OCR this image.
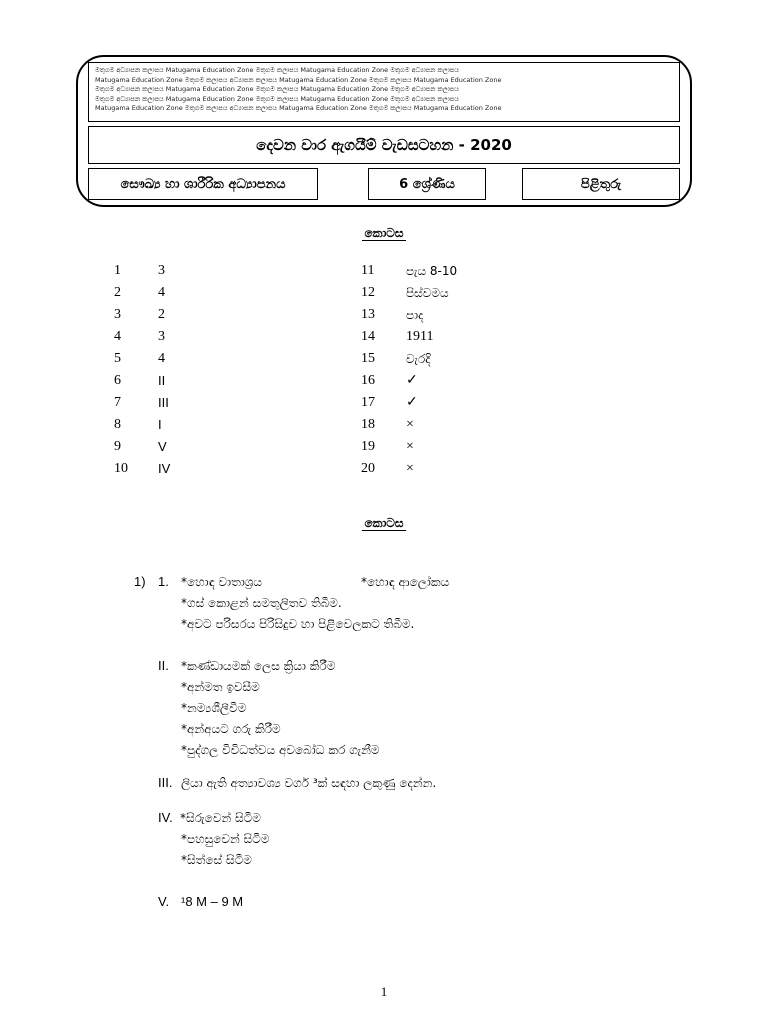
මතුගම අධ්‍යාපන කලාපය Matugama Education Zone මතුගම කලාපය Matugama Education Zone මතුගම අධ්‍යාපන කලාපය
Matugama Education Zone මතුගම කලාපය අධ්‍යාපන කලාපය Matugama Education Zone මතුගම කලාපය Matugama Education Zone
මතුගම අධ්‍යාපන කලාපය Matugama Education Zone මතුගම කලාපය Matugama Education Zone මතුගම අධ්‍යාපන කලාපය
මතුගම අධ්‍යාපන කලාපය Matugama Education Zone මතුගම කලාපය Matugama Education Zone මතුගම අධ්‍යාපන කලාපය
Matugama Education Zone මතුගම කලාපය අධ්‍යාපන කලාපය Matugama Education Zone මතුගම කලාපය Matugama Education Zone
දෙවන වාර ඇගයීම් වැඩසටහන - 2020
සෞඛ්‍ය හා ශාරීරික අධ්‍යාපනය	6 ශ්‍රේණිය	පිළිතුරු
කොටස
1	3
2	4
3	2
4	3
5	4
6	II
7	III
8	I
9	V
10 IV
11	පැය 8-10
12	පිස්වමය
13	පාද
14 1911
15	වැරදි
16 ✓
17 ✓
18 ×
19 ×
20 ×
කොටස
1) 1. *හොඳ වාතාශ්‍රය	*හොඳ ආලෝකය
*ගස් කොළන් සමතුලිතව තිබීම.
*අවට පරිසරය පිරිසිදුව හා පිළිවෙලකට තිබීම.
II. *කණ්ඩායමක් ලෙස ක්‍රියා කිරීම
*අන්මත ඉවසීම
*නම්‍යශීලීවීම
*අන්අයට ගරු කිරීම
*පුද්ගල විවිධත්වය අවබෝධ කර ගැනීම
III. ලියා ඇති අත්‍යාවශ්‍ය වර්ග ³ක් සඳහා ලකුණු දෙන්න.
IV. *සිරුවෙන් සිටීම
*පහසුවෙන් සිටීම
*සිත්සේ සිටීම
V. ¹8 M – 9 M
1
